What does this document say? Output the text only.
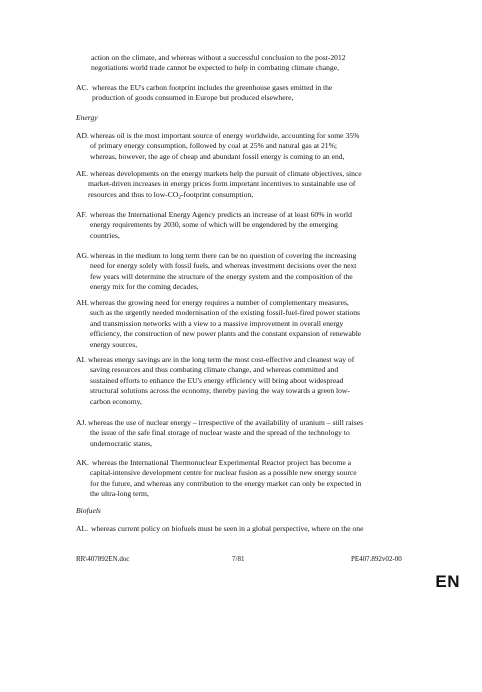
action on the climate, and whereas without a successful conclusion to the post-2012
negotiations world trade cannot be expected to help in combating climate change,
AC. whereas the EU's carbon footprint includes the greenhouse gases emitted in the
production of goods consumed in Europe but produced elsewhere,
Energy
AD. whereas oil is the most important source of energy worldwide, accounting for some 35%
of primary energy consumption, followed by coal at 25% and natural gas at 21%;
whereas, however, the age of cheap and abundant fossil energy is coming to an end,
AE. whereas developments on the energy markets help the pursuit of climate objectives, since
market-driven increases in energy prices form important incentives to sustainable use of
resources and thus to low-$CO_2$-footprint consumption,
AF. whereas the International Energy Agency predicts an increase of at least 60% in world
energy requirements by 2030, some of which will be engendered by the emerging
countries,
AG. whereas in the medium to long term there can be no question of covering the increasing
need for energy solely with fossil fuels, and whereas investment decisions over the next
few years will determine the structure of the energy system and the composition of the
energy mix for the coming decades,
AH. whereas the growing need for energy requires a number of complementary measures,
such as the urgently needed modernisation of the existing fossil-fuel-fired power stations
and transmission networks with a view to a massive improvement in overall energy
efficiency, the construction of new power plants and the constant expansion of renewable
energy sources,
AI. whereas energy savings are in the long term the most cost-effective and cleanest way of
saving resources and thus combating climate change, and whereas committed and
sustained efforts to enhance the EU's energy efficiency will bring about widespread
structural solutions across the economy, thereby paving the way towards a green low-
carbon economy,
AJ. whereas the use of nuclear energy – irrespective of the availability of uranium – still raises
the issue of the safe final storage of nuclear waste and the spread of the technology to
undemocratic states,
AK. whereas the International Thermonuclear Experimental Reactor project has become a
capital-intensive development centre for nuclear fusion as a possible new energy source
for the future, and whereas any contribution to the energy market can only be expected in
the ultra-long term,
Biofuels
AL. whereas current policy on biofuels must be seen in a global perspective, where on the one
RR\407892EN.doc	7/81	PE407.892v02-00
EN
